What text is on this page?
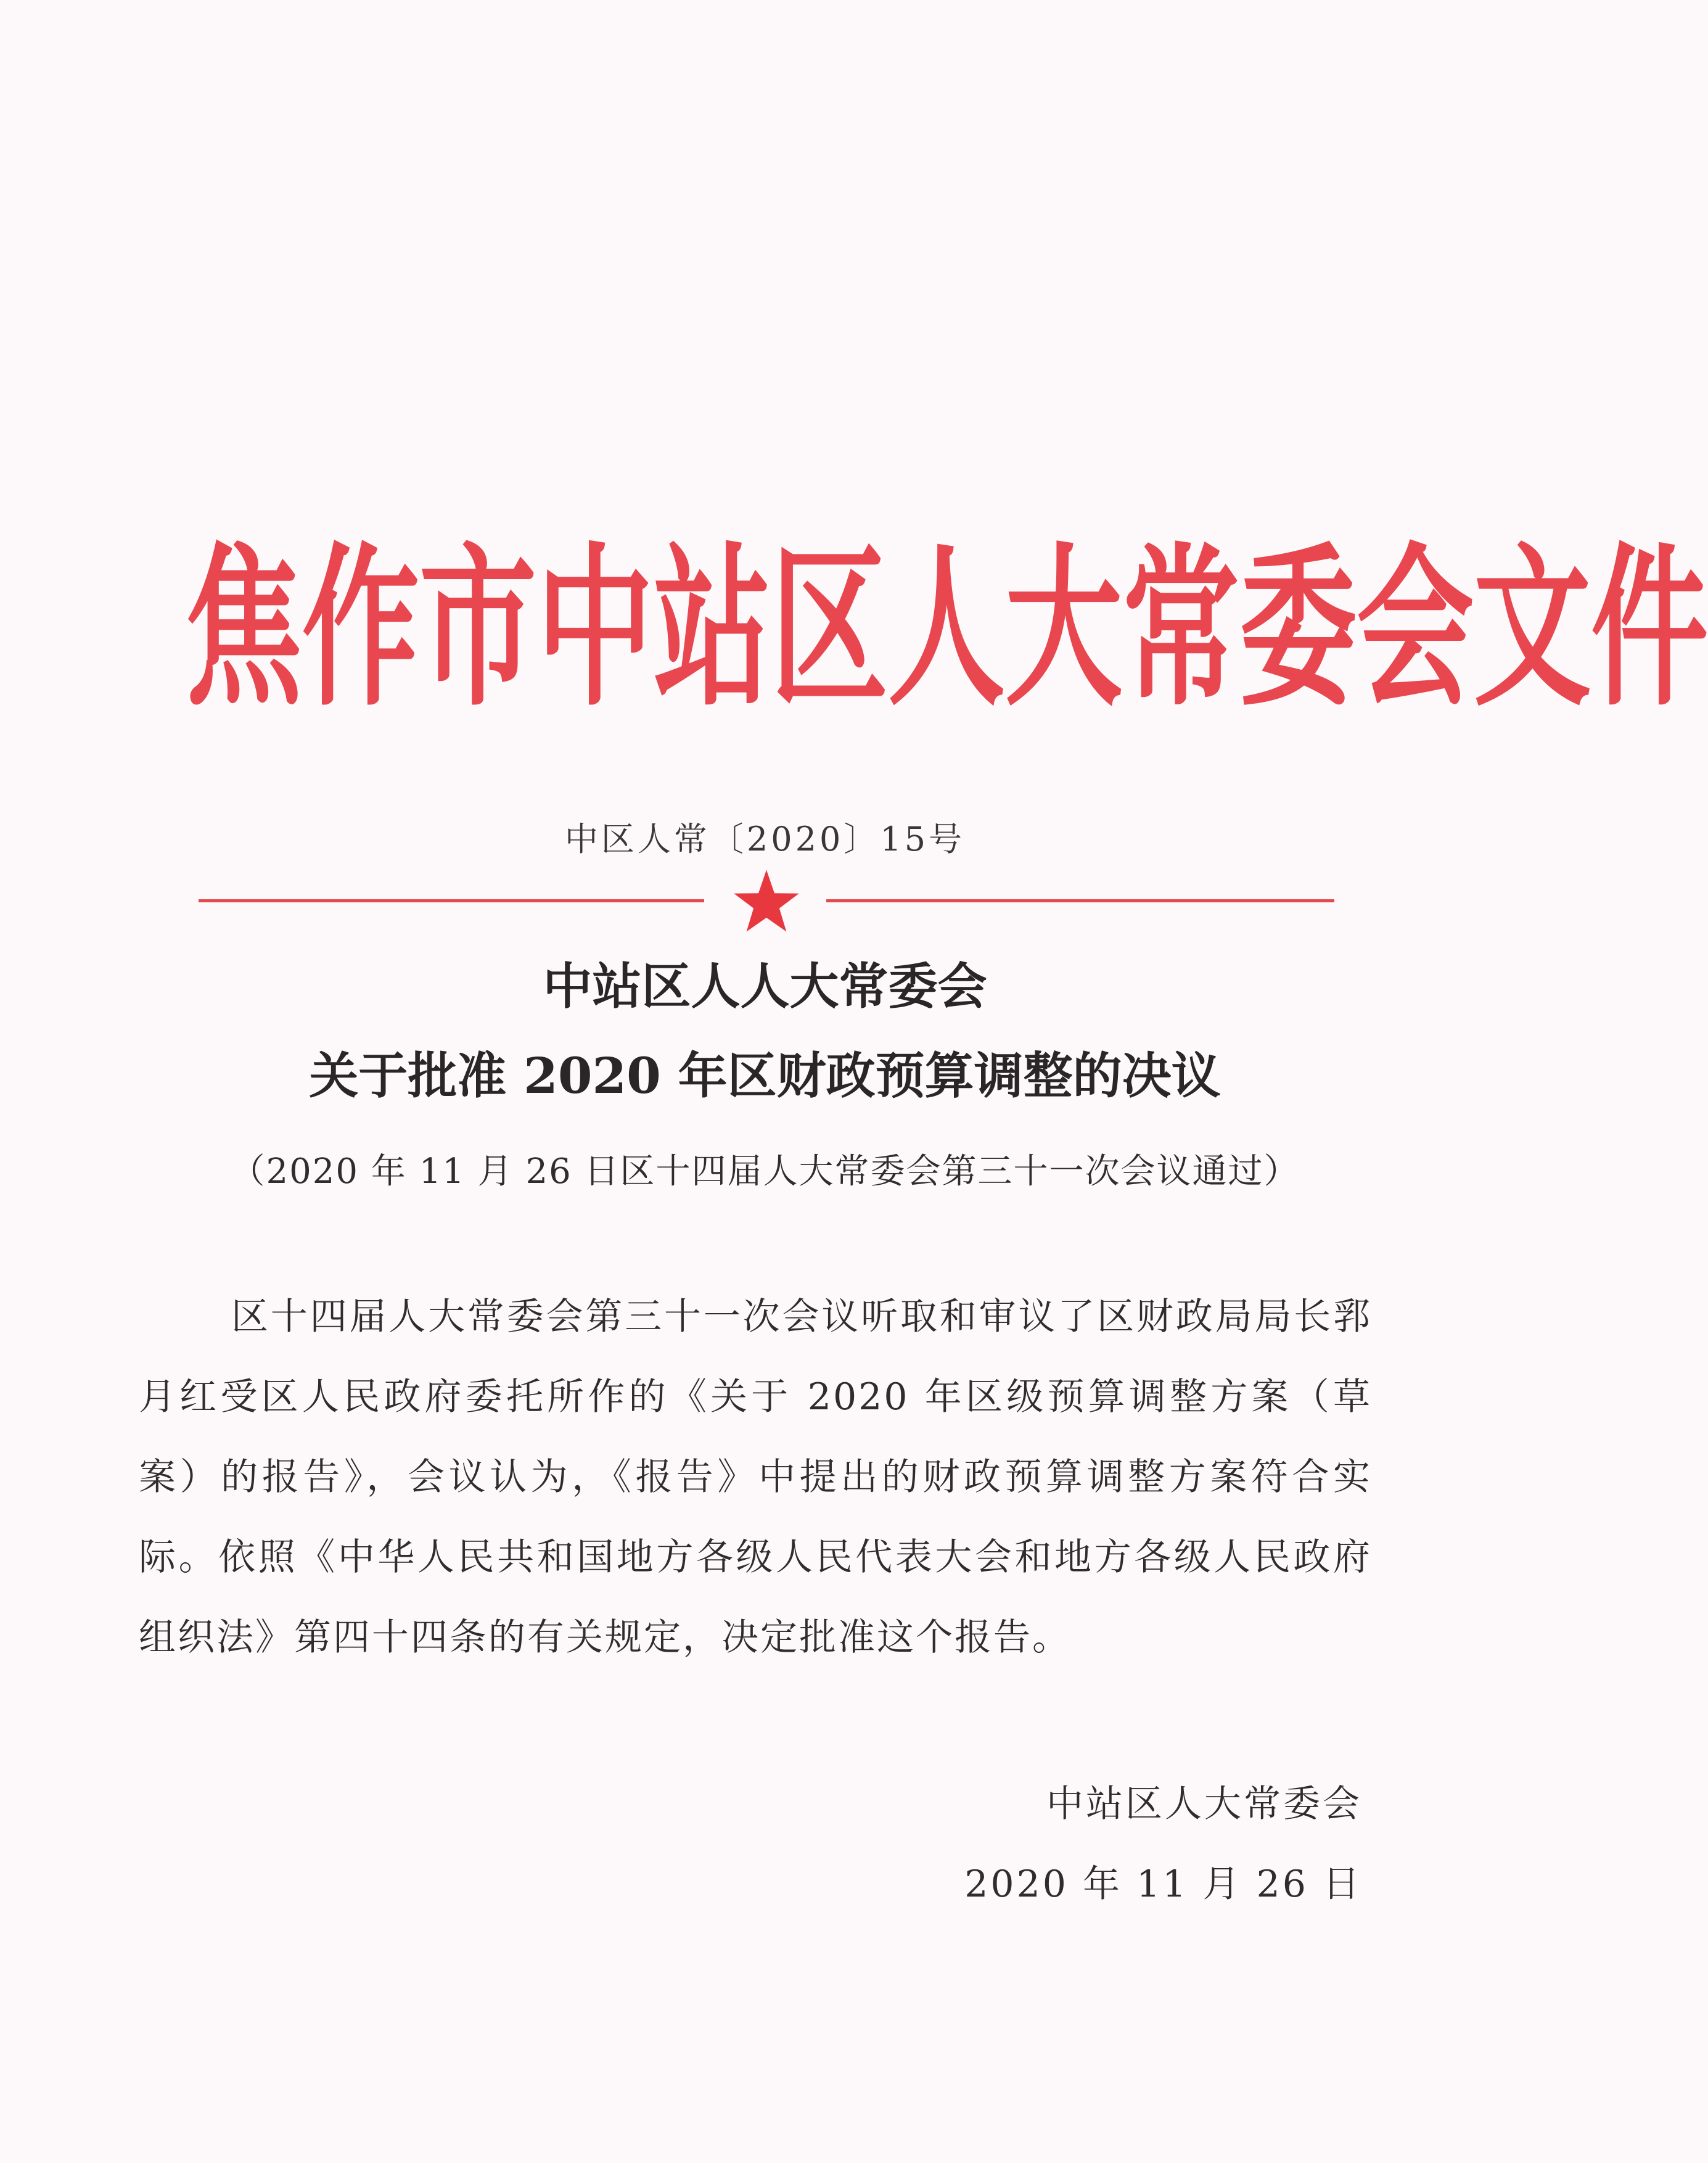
焦 作 市 中 站 区 人 大 常 委 会 文 件
中区人常〔2020〕15号
中站区人人大常委会
关于批准 2020 年区财政预算调整的决议
（2020 年 11 月 26 日区十四届人大常委会第三十一次会议通过）
区十四届人大常委会第三十一次会议听取和审议了区财政局局长郛月红受区人民政府委托所作的《关于 2020 年区级预算调整方案（草案）的报告》，会议认为，《报告》中提出的财政预算调整方案符合实际。依照《中华人民共和国地方各级人民代表大会和地方各级人民政府组织法》第四十四条的有关规定，决定批准这个报告。
中站区人大常委会
2020 年 11 月 26 日
